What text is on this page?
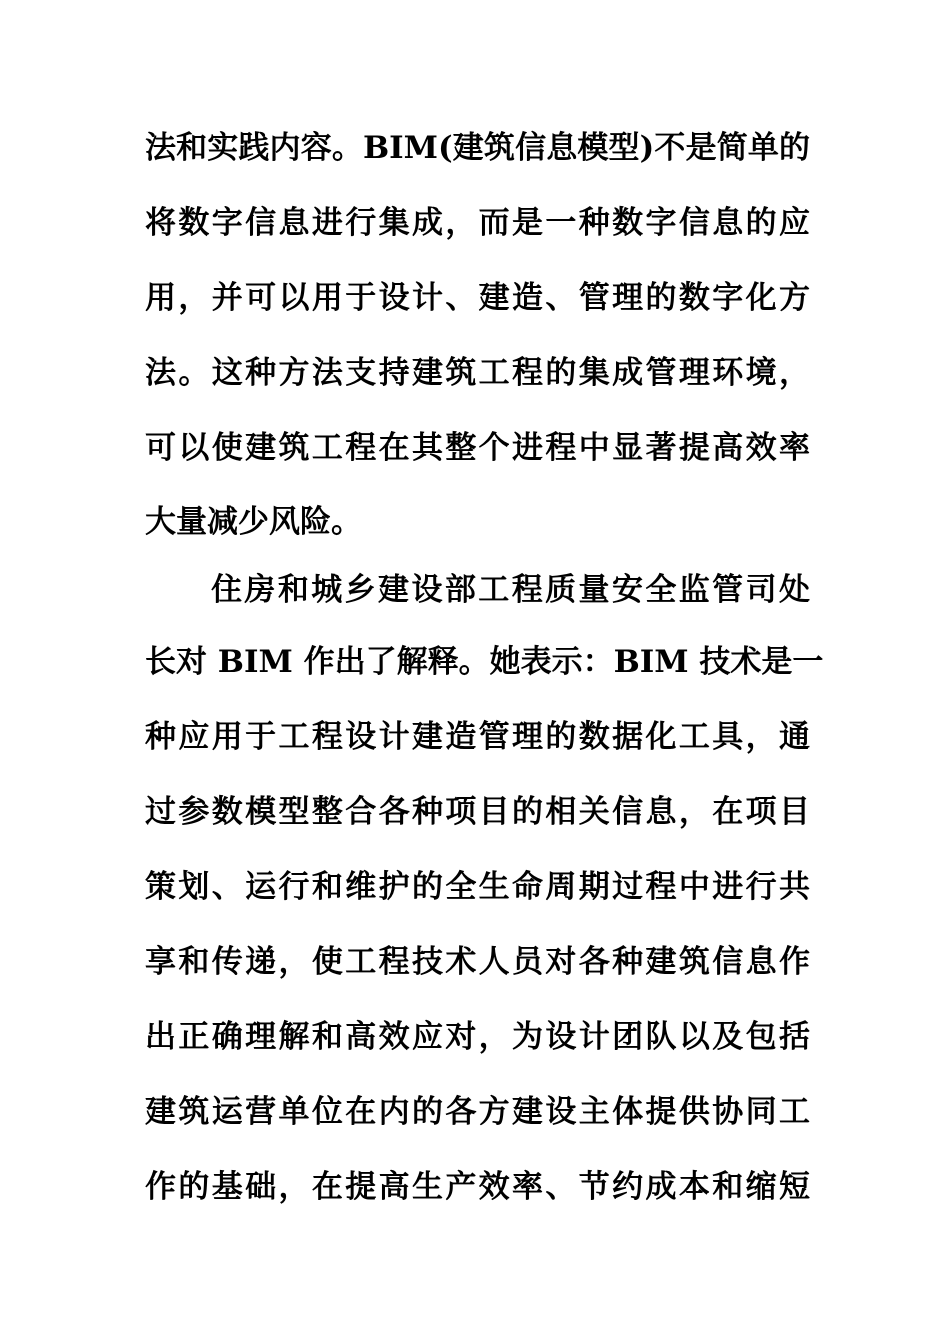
法和实践内容。BIM(建筑信息模型)不是简单的
将数字信息进行集成，而是一种数字信息的应
用，并可以用于设计、建造、管理的数字化方
法。这种方法支持建筑工程的集成管理环境，
可以使建筑工程在其整个进程中显著提高效率
大量减少风险。
住房和城乡建设部工程质量安全监管司处
长对 BIM 作出了解释。她表示：BIM 技术是一
种应用于工程设计建造管理的数据化工具，通
过参数模型整合各种项目的相关信息，在项目
策划、运行和维护的全生命周期过程中进行共
享和传递，使工程技术人员对各种建筑信息作
出正确理解和高效应对，为设计团队以及包括
建筑运营单位在内的各方建设主体提供协同工
作的基础，在提高生产效率、节约成本和缩短
